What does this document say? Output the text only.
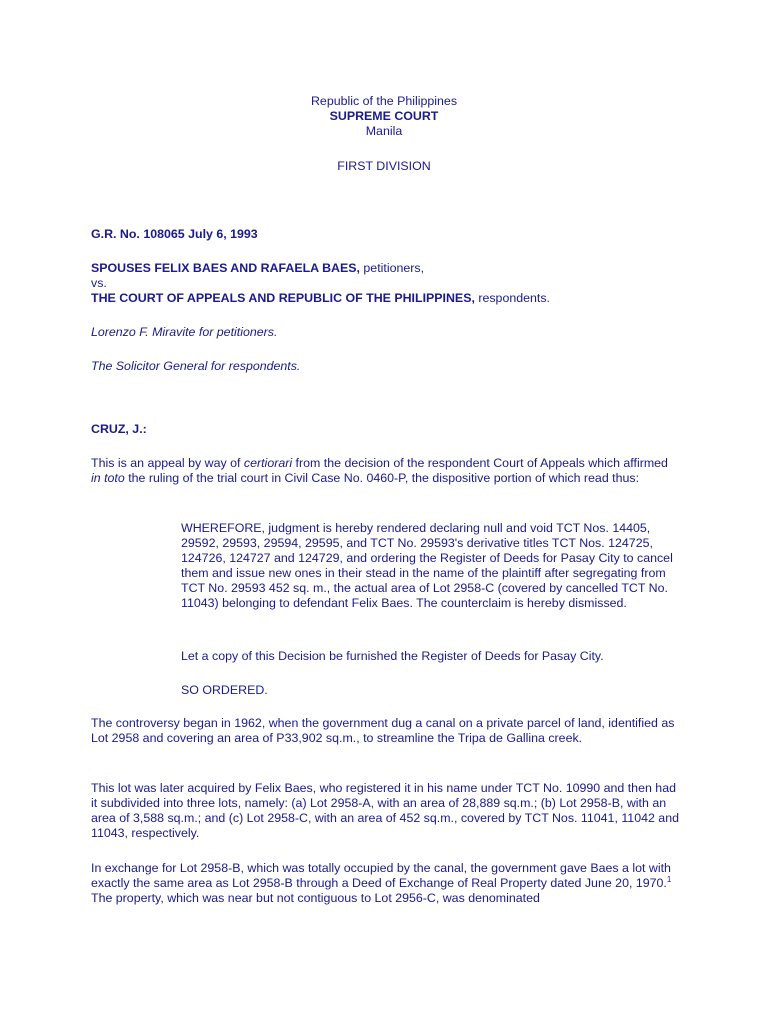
Republic of the Philippines
SUPREME COURT
Manila
FIRST DIVISION
G.R. No. 108065 July 6, 1993
SPOUSES FELIX BAES AND RAFAELA BAES, petitioners,
vs.
THE COURT OF APPEALS AND REPUBLIC OF THE PHILIPPINES, respondents.
Lorenzo F. Miravite for petitioners.
The Solicitor General for respondents.
CRUZ, J.:
This is an appeal by way of certiorari from the decision of the respondent Court of Appeals which affirmed in toto the ruling of the trial court in Civil Case No. 0460-P, the dispositive portion of which read thus:
WHEREFORE, judgment is hereby rendered declaring null and void TCT Nos. 14405, 29592, 29593, 29594, 29595, and TCT No. 29593's derivative titles TCT Nos. 124725, 124726, 124727 and 124729, and ordering the Register of Deeds for Pasay City to cancel them and issue new ones in their stead in the name of the plaintiff after segregating from TCT No. 29593 452 sq. m., the actual area of Lot 2958-C (covered by cancelled TCT No. 11043) belonging to defendant Felix Baes. The counterclaim is hereby dismissed.
Let a copy of this Decision be furnished the Register of Deeds for Pasay City.
SO ORDERED.
The controversy began in 1962, when the government dug a canal on a private parcel of land, identified as Lot 2958 and covering an area of P33,902 sq.m., to streamline the Tripa de Gallina creek.
This lot was later acquired by Felix Baes, who registered it in his name under TCT No. 10990 and then had it subdivided into three lots, namely: (a) Lot 2958-A, with an area of 28,889 sq.m.; (b) Lot 2958-B, with an area of 3,588 sq.m.; and (c) Lot 2958-C, with an area of 452 sq.m., covered by TCT Nos. 11041, 11042 and 11043, respectively.
In exchange for Lot 2958-B, which was totally occupied by the canal, the government gave Baes a lot with exactly the same area as Lot 2958-B through a Deed of Exchange of Real Property dated June 20, 1970.$^1$ The property, which was near but not contiguous to Lot 2956-C, was denominated
